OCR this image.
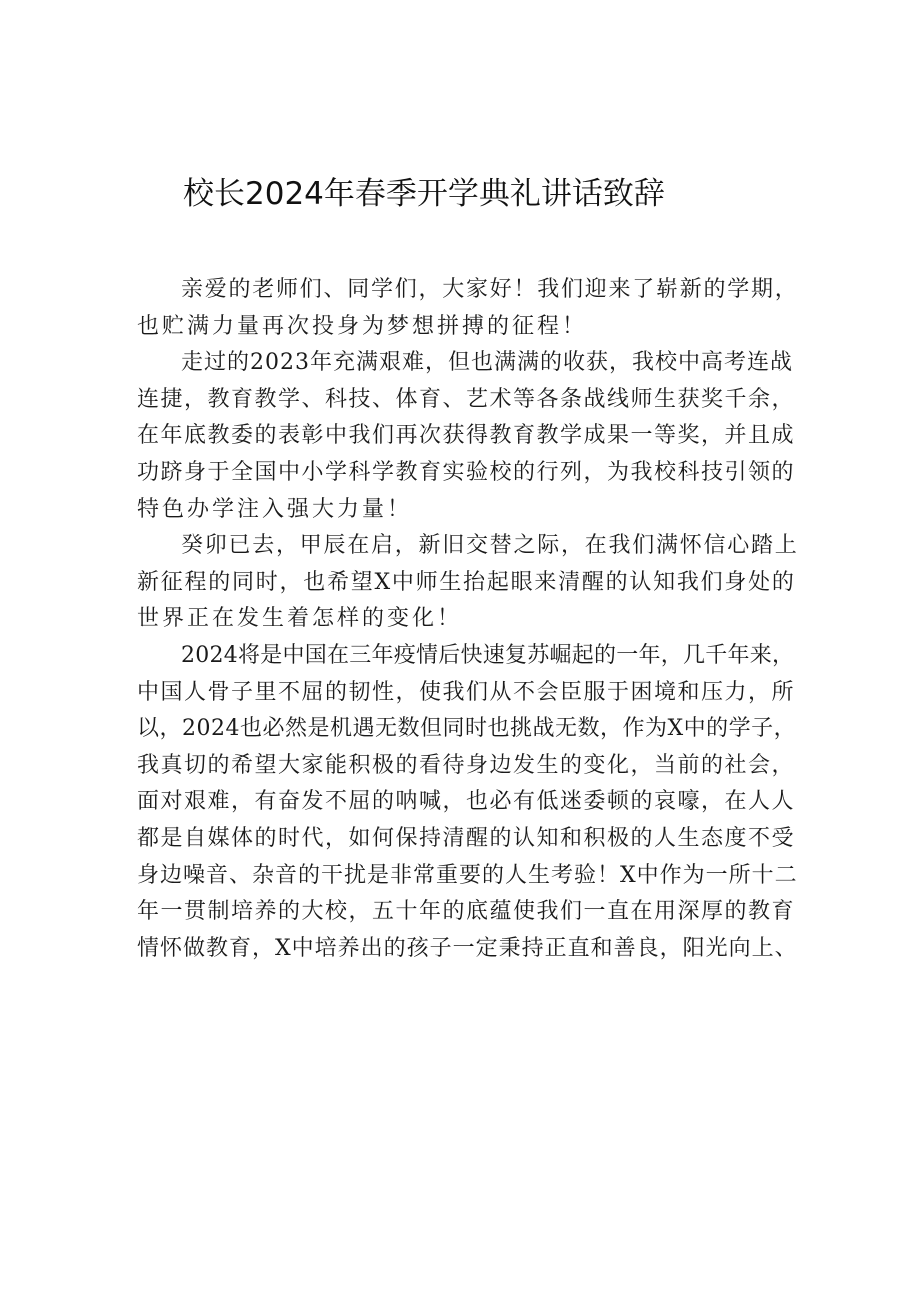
校长2024年春季开学典礼讲话致辞

亲爱的老师们、同学们，大家好！我们迎来了崭新的学期，
也贮满力量再次投身为梦想拼搏的征程！

走过的2023年充满艰难，但也满满的收获，我校中高考连战
连捷，教育教学、科技、体育、艺术等各条战线师生获奖千余，
在年底教委的表彰中我们再次获得教育教学成果一等奖，并且成
功跻身于全国中小学科学教育实验校的行列，为我校科技引领的
特色办学注入强大力量！

癸卯已去，甲辰在启，新旧交替之际，在我们满怀信心踏上
新征程的同时，也希望X中师生抬起眼来清醒的认知我们身处的
世界正在发生着怎样的变化！

2024将是中国在三年疫情后快速复苏崛起的一年，几千年来，
中国人骨子里不屈的韧性，使我们从不会臣服于困境和压力，所
以，2024也必然是机遇无数但同时也挑战无数，作为X中的学子，
我真切的希望大家能积极的看待身边发生的变化，当前的社会，
面对艰难，有奋发不屈的呐喊，也必有低迷委顿的哀嚎，在人人
都是自媒体的时代，如何保持清醒的认知和积极的人生态度不受
身边噪音、杂音的干扰是非常重要的人生考验！X中作为一所十二
年一贯制培养的大校，五十年的底蕴使我们一直在用深厚的教育
情怀做教育，X中培养出的孩子一定秉持正直和善良，阳光向上、
